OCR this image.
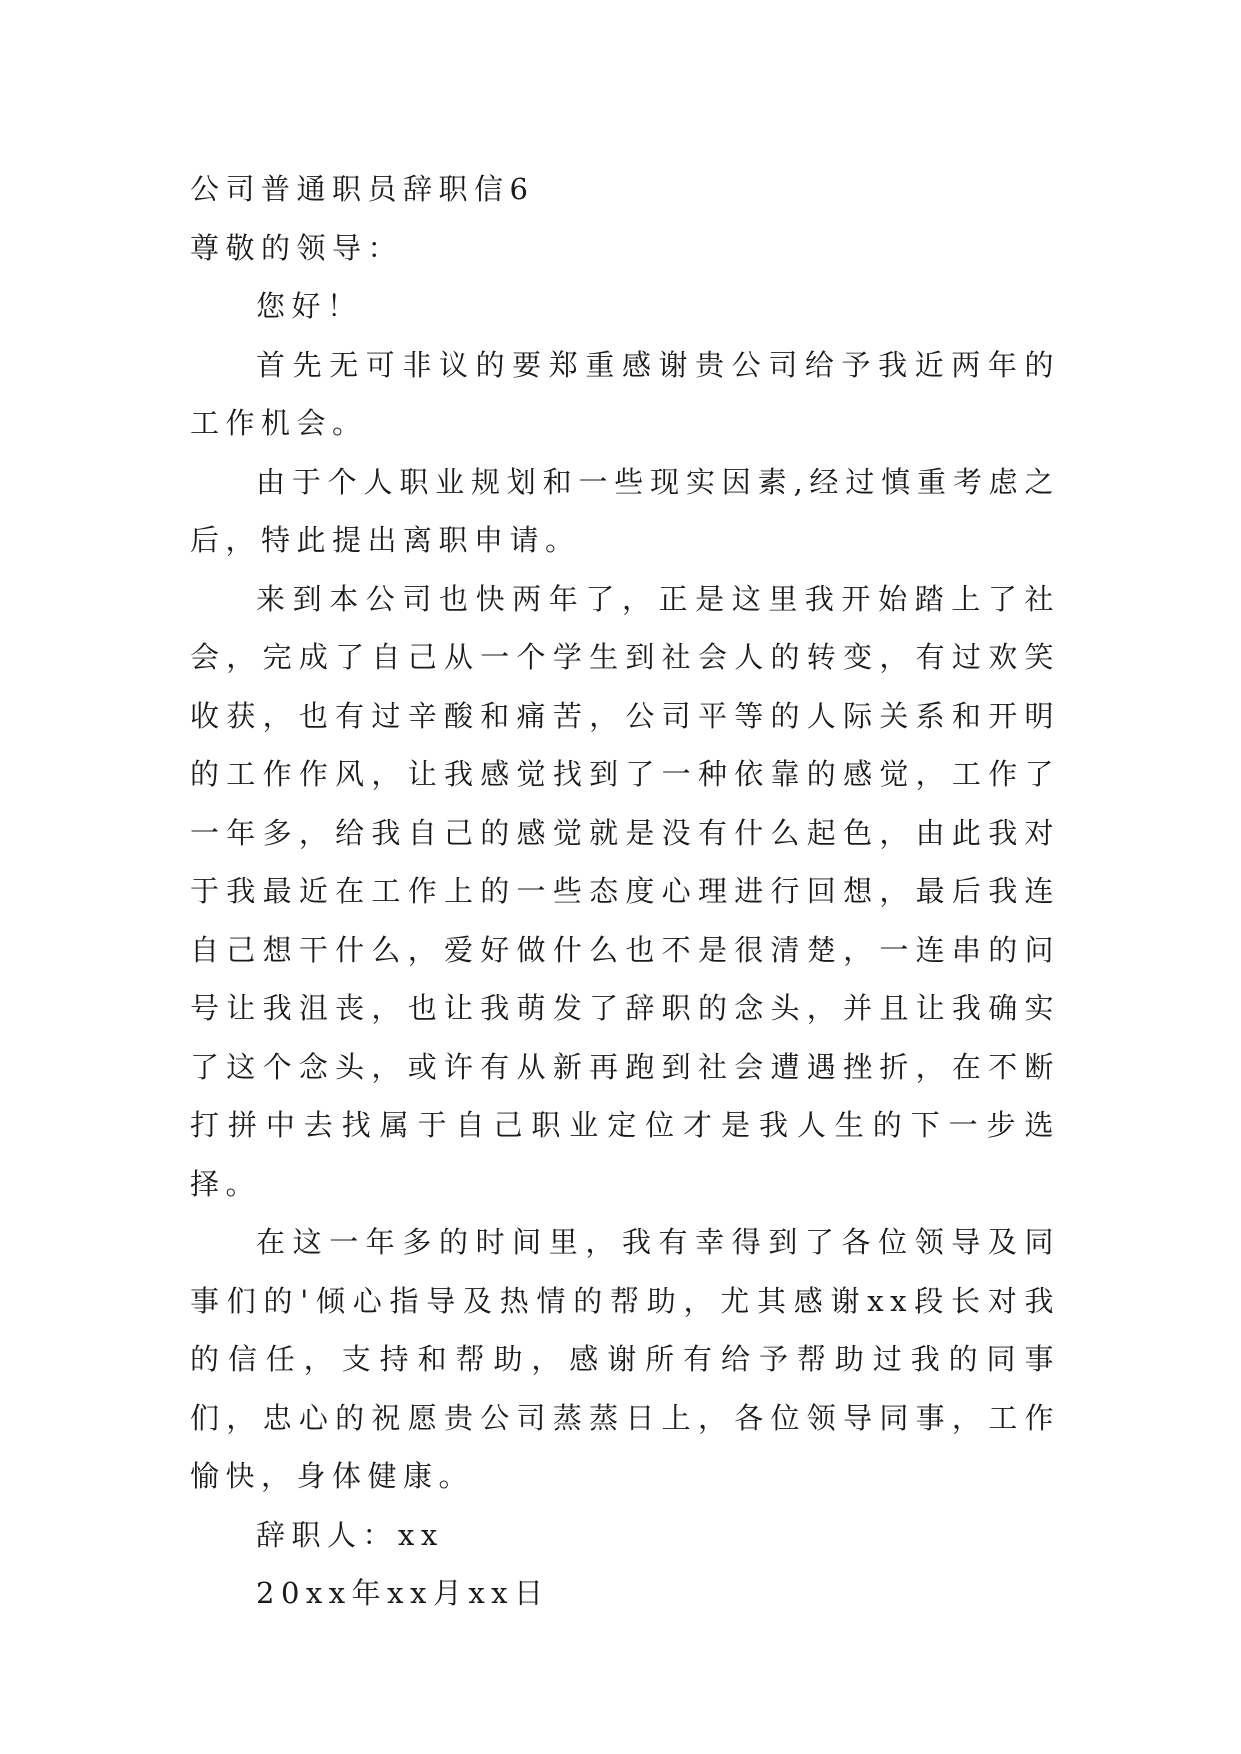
公司普通职员辞职信6

尊敬的领导：

您好！

首先无可非议的要郑重感谢贵公司给予我近两年的工作机会。

由于个人职业规划和一些现实因素,经过慎重考虑之后，特此提出离职申请。

来到本公司也快两年了，正是这里我开始踏上了社会，完成了自己从一个学生到社会人的转变，有过欢笑收获，也有过辛酸和痛苦，公司平等的人际关系和开明的工作作风，让我感觉找到了一种依靠的感觉，工作了一年多，给我自己的感觉就是没有什么起色，由此我对于我最近在工作上的一些态度心理进行回想，最后我连自己想干什么，爱好做什么也不是很清楚，一连串的问号让我沮丧，也让我萌发了辞职的念头，并且让我确实了这个念头，或许有从新再跑到社会遭遇挫折，在不断打拼中去找属于自己职业定位才是我人生的下一步选择。

在这一年多的时间里，我有幸得到了各位领导及同事们的'倾心指导及热情的帮助，尤其感谢xx段长对我的信任，支持和帮助，感谢所有给予帮助过我的同事们，忠心的祝愿贵公司蒸蒸日上，各位领导同事，工作愉快，身体健康。

辞职人：xx

20xx年xx月xx日
